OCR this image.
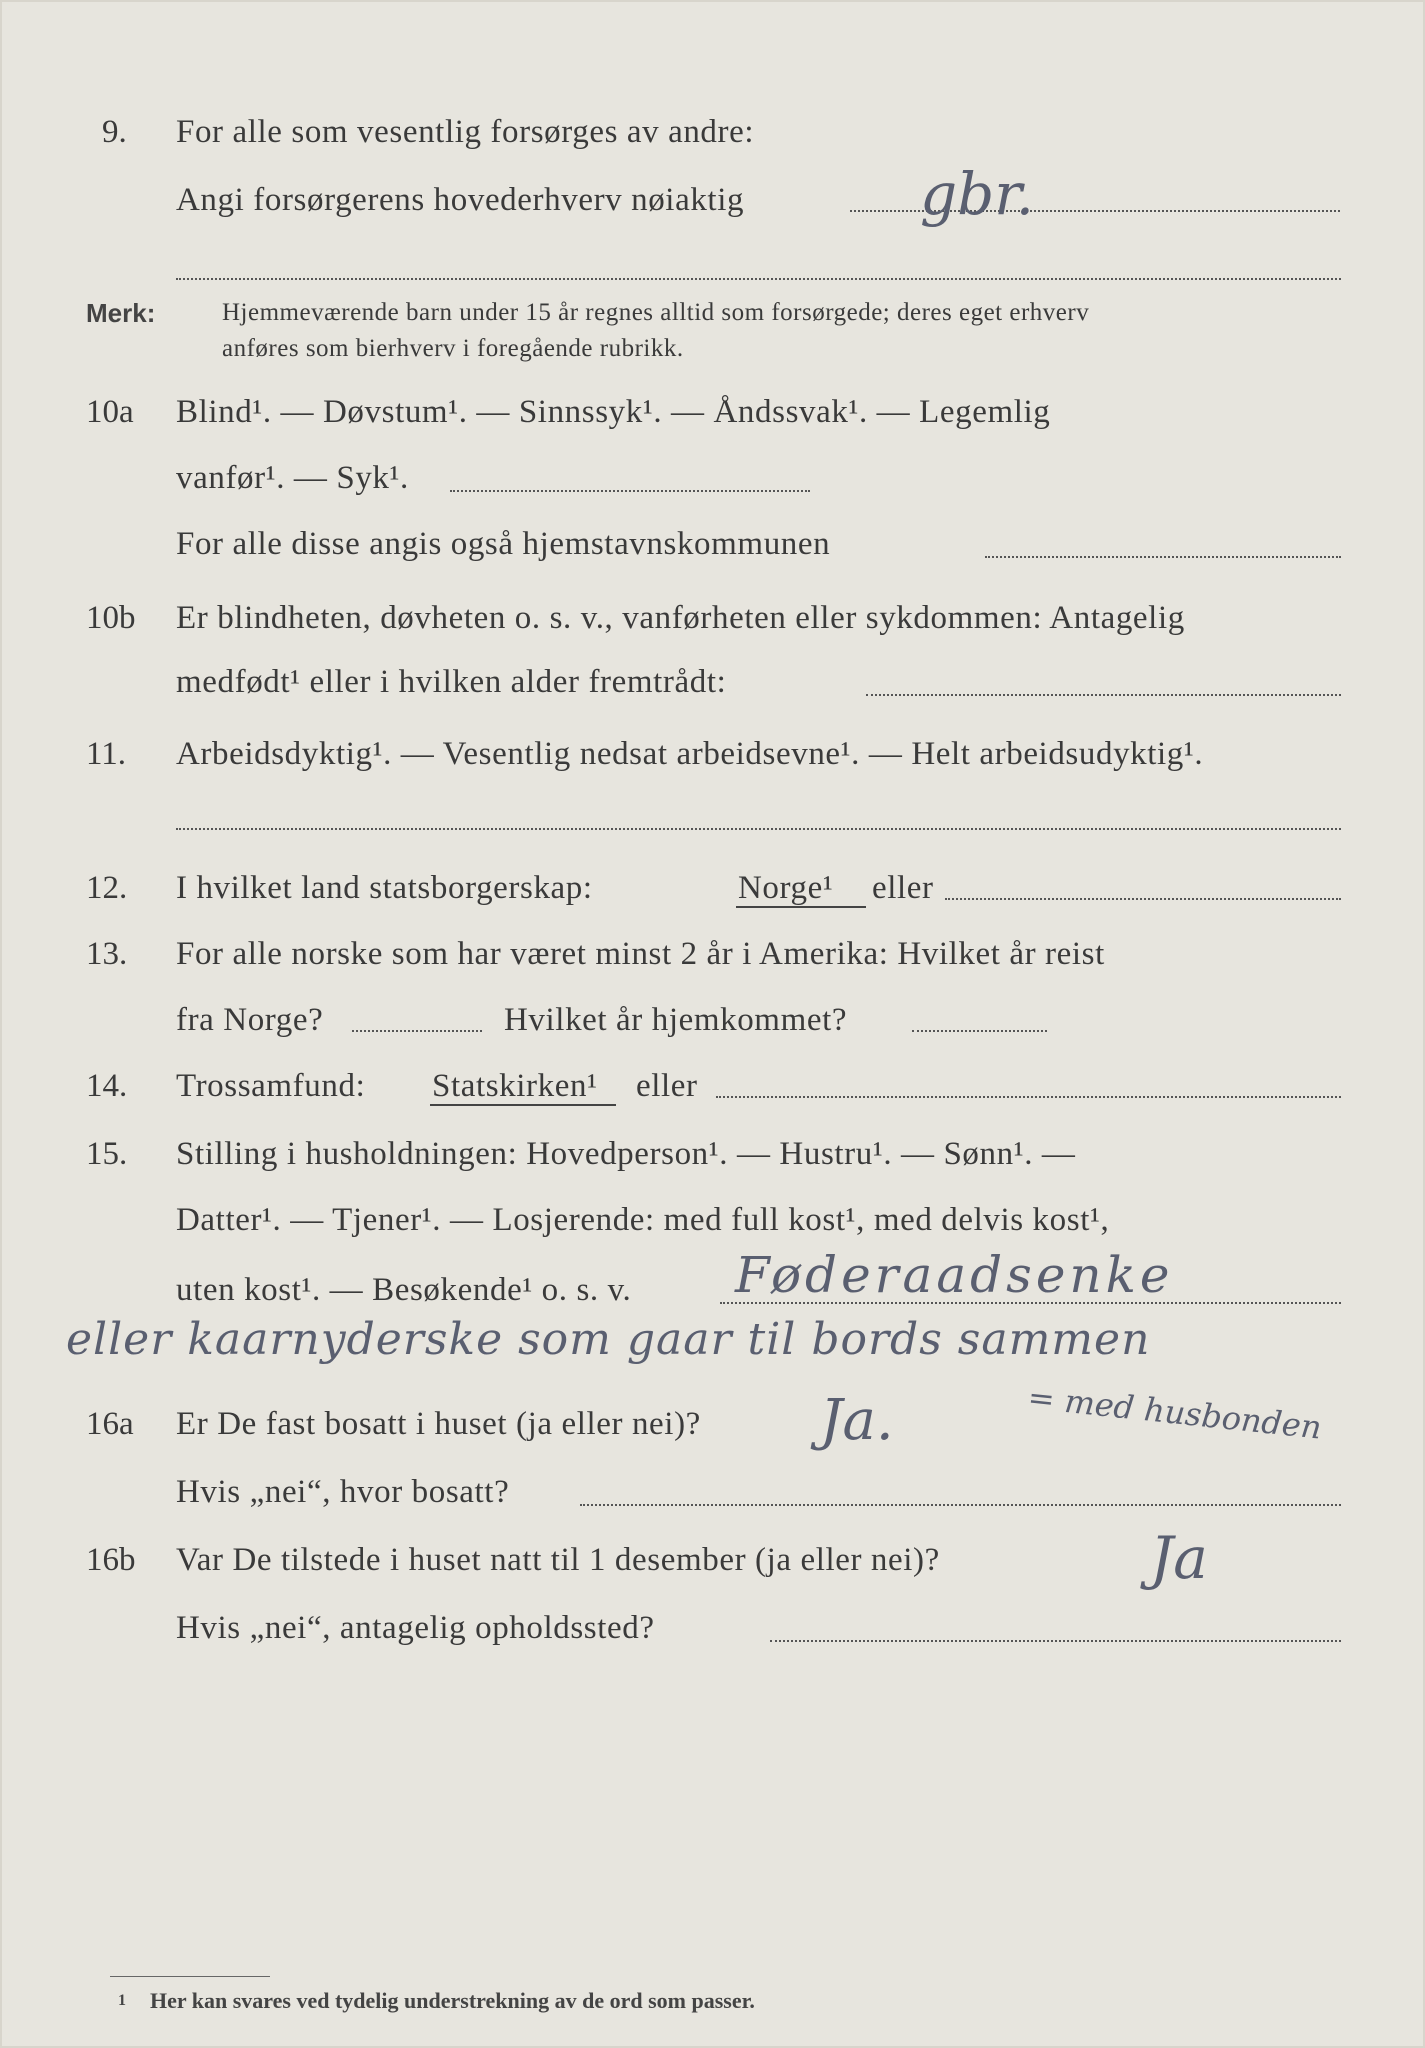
9. For alle som vesentlig forsørges av andre:
Angi forsørgerens hovederhverv nøiaktig	gbr.
Merk:	Hjemmeværende barn under 15 år regnes alltid som forsørgede; deres eget erhverv
anføres som bierhverv i foregående rubrikk.
10a Blind¹. — Døvstum¹. — Sinnssyk¹. — Åndssvak¹. — Legemlig
vanfør¹. — Syk¹.
For alle disse angis også hjemstavnskommunen
10b Er blindheten, døvheten o. s. v., vanførheten eller sykdommen: Antagelig
medfødt¹ eller i hvilken alder fremtrådt:
11. Arbeidsdyktig¹. — Vesentlig nedsat arbeidsevne¹. — Helt arbeidsudyktig¹.
12. I hvilket land statsborgerskap:	Norge¹ eller
13. For alle norske som har været minst 2 år i Amerika: Hvilket år reist
fra Norge?	Hvilket år hjemkommet?
14. Trossamfund: Statskirken¹ eller
15. Stilling i husholdningen: Hovedperson¹. — Hustru¹. — Sønn¹. —
Datter¹. — Tjener¹. — Losjerende: med full kost¹, med delvis kost¹,
uten kost¹. — Besøkende¹ o. s. v. Føderaadsenke
eller kaarnyderske som gaar til bords sammen
= med husbonden
16a Er De fast bosatt i huset (ja eller nei)? Ja.
Hvis „nei“, hvor bosatt?
16b Var De tilstede i huset natt til 1 desember (ja eller nei)?	Ja
Hvis „nei“, antagelig opholdssted?
1 Her kan svares ved tydelig understrekning av de ord som passer.
